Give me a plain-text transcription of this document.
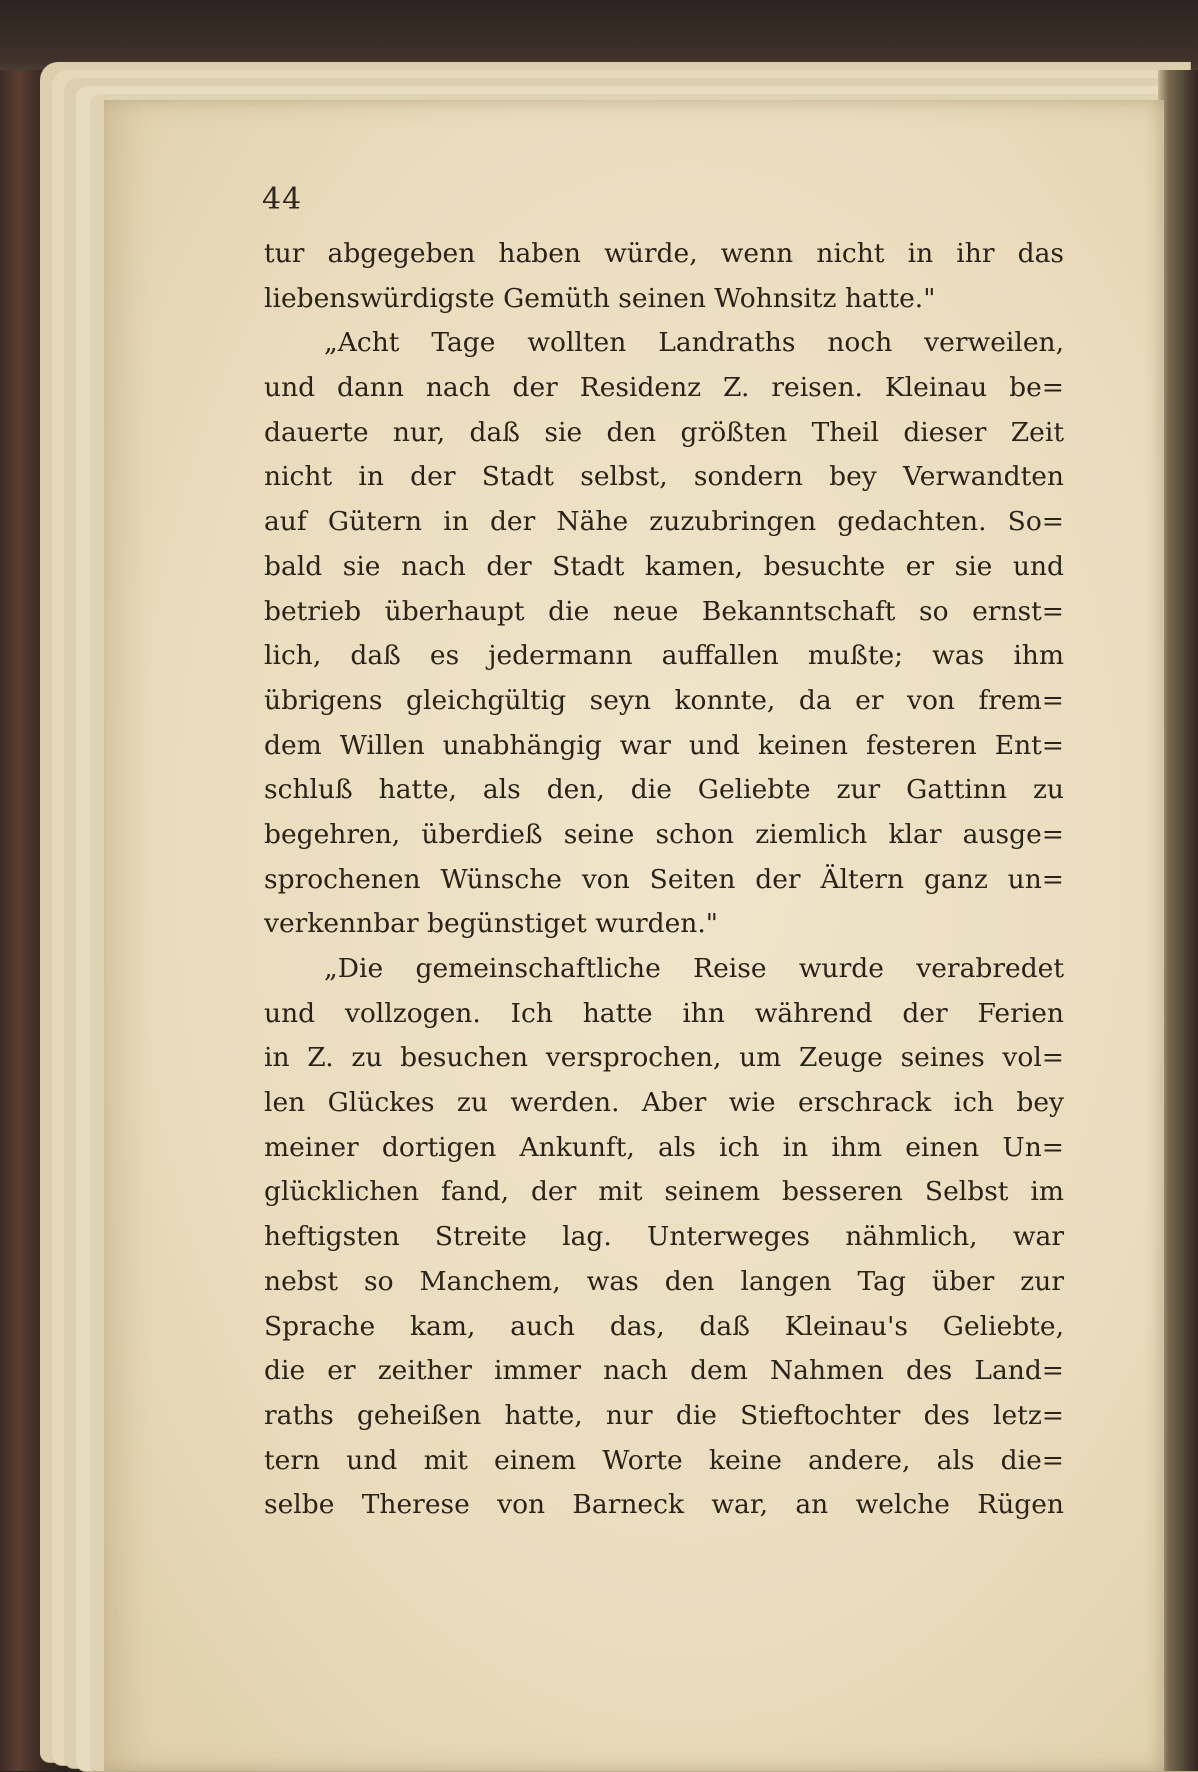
44
tur abgegeben haben würde, wenn nicht in ihr das
liebenswürdigste Gemüth seinen Wohnsitz hatte."
„Acht Tage wollten Landraths noch verweilen,
und dann nach der Residenz Z. reisen. Kleinau be=
dauerte nur, daß sie den größten Theil dieser Zeit
nicht in der Stadt selbst, sondern bey Verwandten
auf Gütern in der Nähe zuzubringen gedachten. So=
bald sie nach der Stadt kamen, besuchte er sie und
betrieb überhaupt die neue Bekanntschaft so ernst=
lich, daß es jedermann auffallen mußte; was ihm
übrigens gleichgültig seyn konnte, da er von frem=
dem Willen unabhängig war und keinen festeren Ent=
schluß hatte, als den, die Geliebte zur Gattinn zu
begehren, überdieß seine schon ziemlich klar ausge=
sprochenen Wünsche von Seiten der Ältern ganz un=
verkennbar begünstiget wurden."
„Die gemeinschaftliche Reise wurde verabredet
und vollzogen. Ich hatte ihn während der Ferien
in Z. zu besuchen versprochen, um Zeuge seines vol=
len Glückes zu werden. Aber wie erschrack ich bey
meiner dortigen Ankunft, als ich in ihm einen Un=
glücklichen fand, der mit seinem besseren Selbst im
heftigsten Streite lag. Unterweges nähmlich, war
nebst so Manchem, was den langen Tag über zur
Sprache kam, auch das, daß Kleinau's Geliebte,
die er zeither immer nach dem Nahmen des Land=
raths geheißen hatte, nur die Stieftochter des letz=
tern und mit einem Worte keine andere, als die=
selbe Therese von Barneck war, an welche Rügen
